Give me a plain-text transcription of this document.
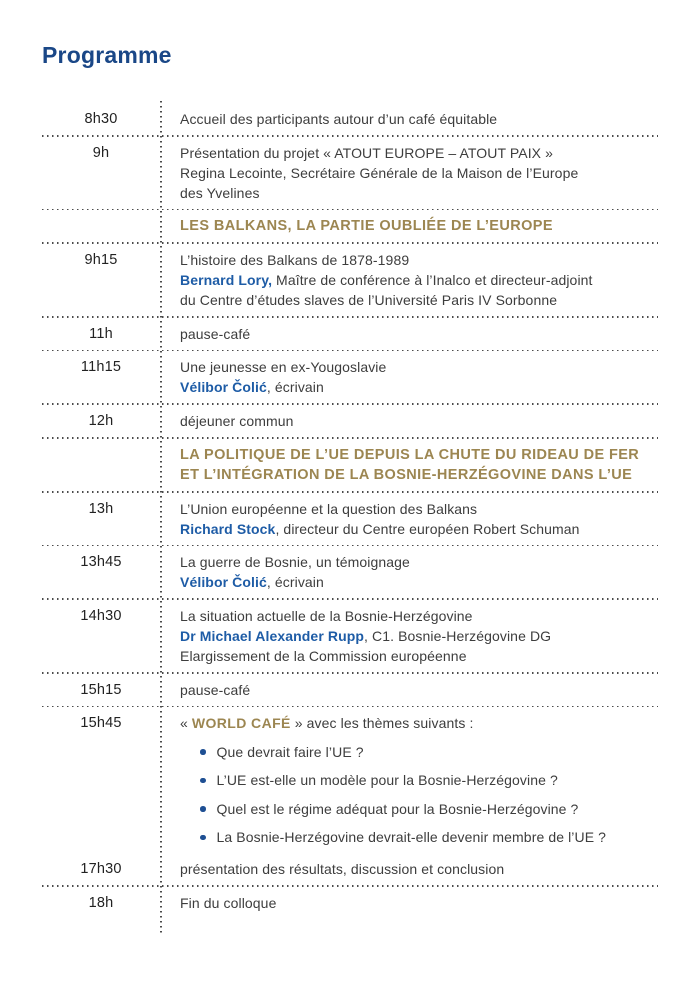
Programme
8h30	Accueil des participants autour d’un café équitable
9h	Présentation du projet « ATOUT EUROPE – ATOUT PAIX »
Regina Lecointe, Secrétaire Générale de la Maison de l’Europe
des Yvelines
LES BALKANS, LA PARTIE OUBLIÉE DE L’EUROPE
9h15	L’histoire des Balkans de 1878-1989
Bernard Lory, Maître de conférence à l’Inalco et directeur-adjoint
du Centre d’études slaves de l’Université Paris IV Sorbonne
11h	pause-café
11h15	Une jeunesse en ex-Yougoslavie
Vélibor Čolić, écrivain
12h	déjeuner commun
LA POLITIQUE DE L’UE DEPUIS LA CHUTE DU RIDEAU DE FER
ET L’INTÉGRATION DE LA BOSNIE-HERZÉGOVINE DANS L’UE
13h	L’Union européenne et la question des Balkans
Richard Stock, directeur du Centre européen Robert Schuman
13h45	La guerre de Bosnie, un témoignage
Vélibor Čolić, écrivain
14h30	La situation actuelle de la Bosnie-Herzégovine
Dr Michael Alexander Rupp, C1. Bosnie-Herzégovine DG
Elargissement de la Commission européenne
15h15	pause-café
15h45	« WORLD CAFÉ » avec les thèmes suivants :
Que devrait faire l’UE ?
L’UE est-elle un modèle pour la Bosnie-Herzégovine ?
Quel est le régime adéquat pour la Bosnie-Herzégovine ?
La Bosnie-Herzégovine devrait-elle devenir membre de l’UE ?
17h30	présentation des résultats, discussion et conclusion
18h	Fin du colloque
